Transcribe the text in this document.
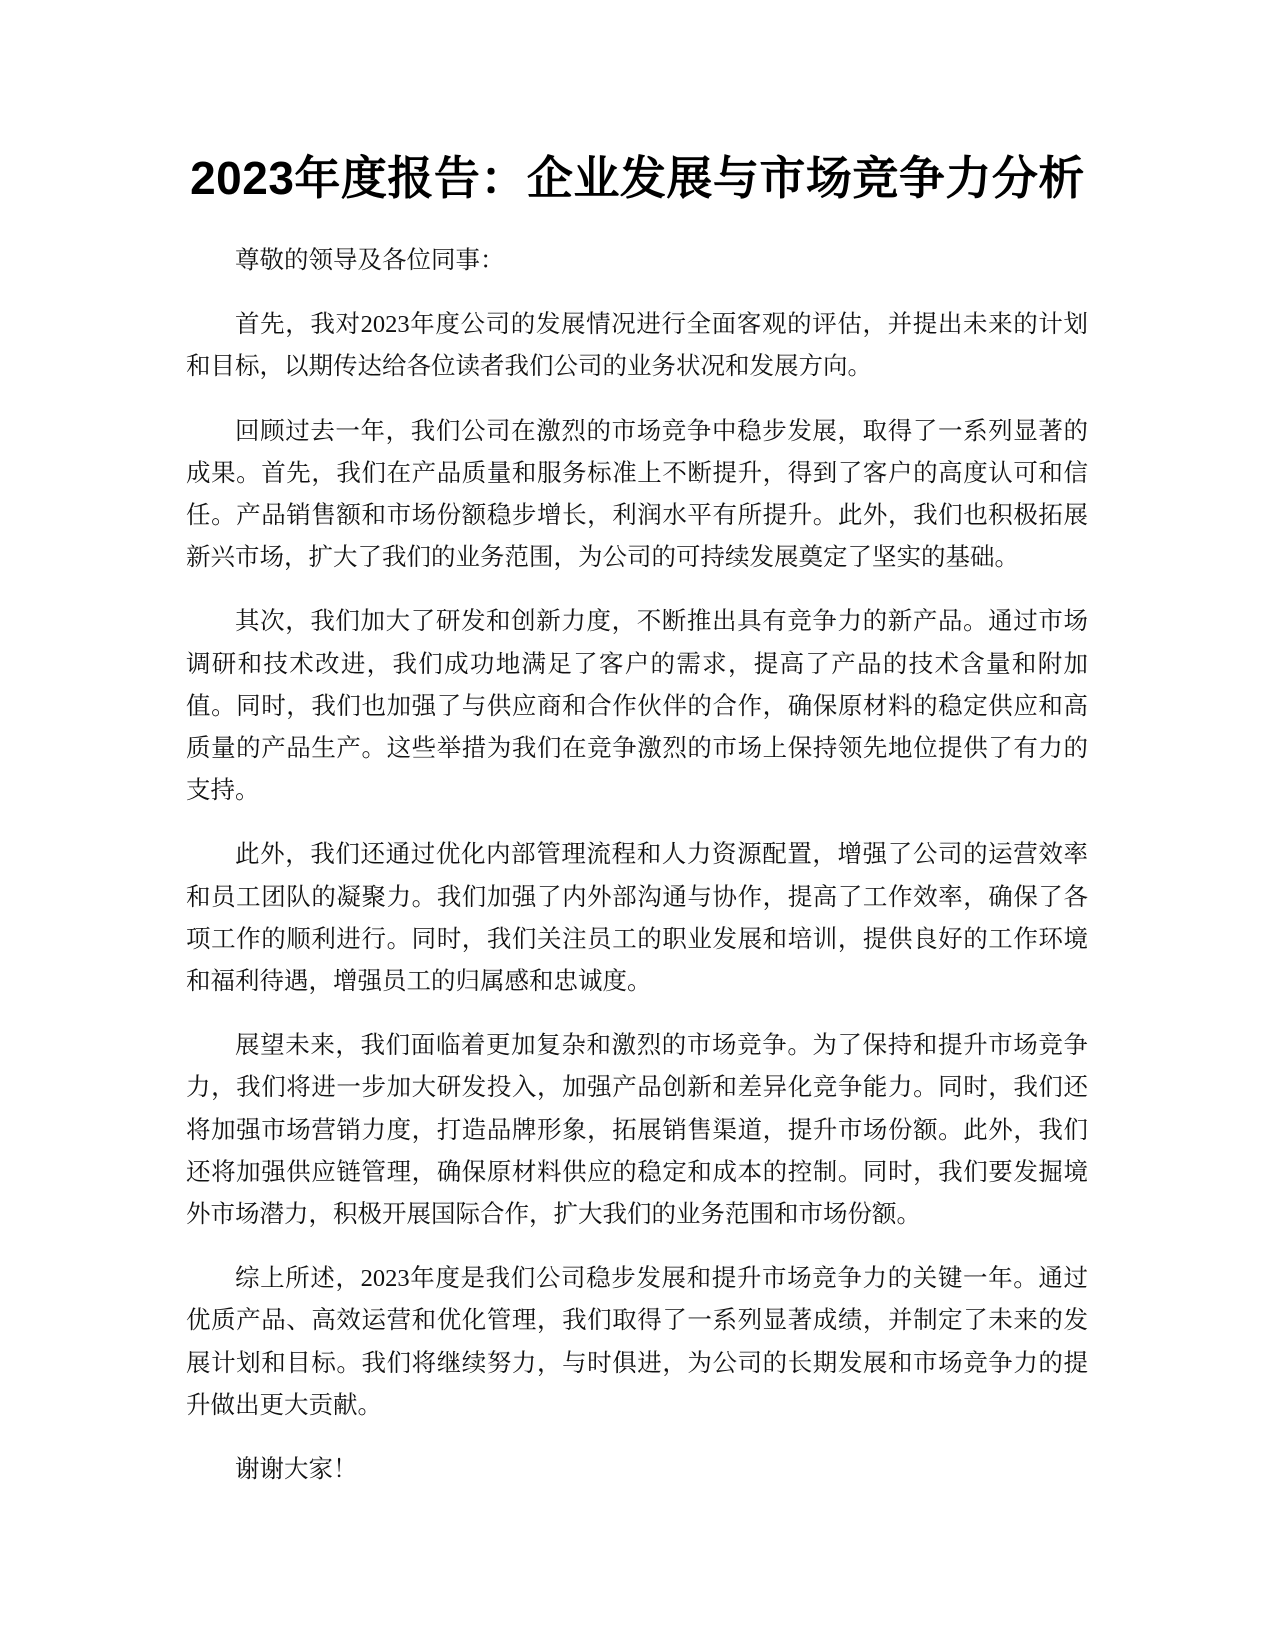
2023年度报告：企业发展与市场竞争力分析

尊敬的领导及各位同事：

首先，我对2023年度公司的发展情况进行全面客观的评估，并提出未来的计划和目标，以期传达给各位读者我们公司的业务状况和发展方向。

回顾过去一年，我们公司在激烈的市场竞争中稳步发展，取得了一系列显著的成果。首先，我们在产品质量和服务标准上不断提升，得到了客户的高度认可和信任。产品销售额和市场份额稳步增长，利润水平有所提升。此外，我们也积极拓展新兴市场，扩大了我们的业务范围，为公司的可持续发展奠定了坚实的基础。

其次，我们加大了研发和创新力度，不断推出具有竞争力的新产品。通过市场调研和技术改进，我们成功地满足了客户的需求，提高了产品的技术含量和附加值。同时，我们也加强了与供应商和合作伙伴的合作，确保原材料的稳定供应和高质量的产品生产。这些举措为我们在竞争激烈的市场上保持领先地位提供了有力的支持。

此外，我们还通过优化内部管理流程和人力资源配置，增强了公司的运营效率和员工团队的凝聚力。我们加强了内外部沟通与协作，提高了工作效率，确保了各项工作的顺利进行。同时，我们关注员工的职业发展和培训，提供良好的工作环境和福利待遇，增强员工的归属感和忠诚度。

展望未来，我们面临着更加复杂和激烈的市场竞争。为了保持和提升市场竞争力，我们将进一步加大研发投入，加强产品创新和差异化竞争能力。同时，我们还将加强市场营销力度，打造品牌形象，拓展销售渠道，提升市场份额。此外，我们还将加强供应链管理，确保原材料供应的稳定和成本的控制。同时，我们要发掘境外市场潜力，积极开展国际合作，扩大我们的业务范围和市场份额。

综上所述，2023年度是我们公司稳步发展和提升市场竞争力的关键一年。通过优质产品、高效运营和优化管理，我们取得了一系列显著成绩，并制定了未来的发展计划和目标。我们将继续努力，与时俱进，为公司的长期发展和市场竞争力的提升做出更大贡献。

谢谢大家！
